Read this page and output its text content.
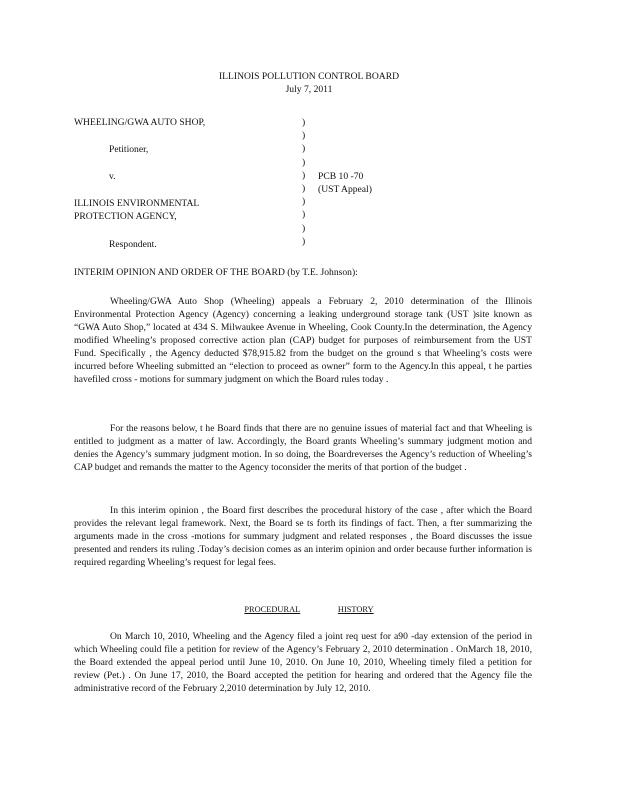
ILLINOIS POLLUTION CONTROL BOARD
July 7, 2011
WHEELING/GWA AUTO SHOP,
Petitioner,
v.
ILLINOIS ENVIRONMENTAL
PROTECTION AGENCY,
Respondent.
)
)
)
)
)
)
)
)
)
)
PCB 10 -70
(UST Appeal)
INTERIM OPINION AND ORDER OF THE BOARD (by T.E. Johnson):
Wheeling/GWA Auto Shop (Wheeling) appeals a February 2, 2010 determination of the Illinois Environmental Protection Agency (Agency) concerning a leaking underground storage tank (UST )site known as “GWA Auto Shop,” located at 434 S. Milwaukee Avenue in Wheeling, Cook County.In the determination, the Agency modified Wheeling’s proposed corrective action plan (CAP) budget for purposes of reimbursement from the UST Fund. Specifically , the Agency deducted $78,915.82 from the budget on the ground s that Wheeling’s costs were incurred before Wheeling submitted an “election to proceed as owner” form to the Agency.In this appeal, t he parties havefiled cross - motions for summary judgment on which the Board rules today .
For the reasons below, t he Board finds that there are no genuine issues of material fact and that Wheeling is entitled to judgment as a matter of law. Accordingly, the Board grants Wheeling’s summary judgment motion and denies the Agency’s summary judgment motion. In so doing, the Boardreverses the Agency’s reduction of Wheeling’s CAP budget and remands the matter to the Agency toconsider the merits of that portion of the budget .
In this interim opinion , the Board first describes the procedural history of the case , after which the Board provides the relevant legal framework. Next, the Board se ts forth its findings of fact. Then, a fter summarizing the arguments made in the cross -motions for summary judgment and related responses , the Board discusses the issue presented and renders its ruling .Today’s decision comes as an interim opinion and order because further information is required regarding Wheeling’s request for legal fees.
PROCEDURAL	HISTORY
On March 10, 2010, Wheeling and the Agency filed a joint req uest for a90 -day extension of the period in which Wheeling could file a petition for review of the Agency’s February 2, 2010 determination . OnMarch 18, 2010, the Board extended the appeal period until June 10, 2010. On June 10, 2010, Wheeling timely filed a petition for review (Pet.) . On June 17, 2010, the Board accepted the petition for hearing and ordered that the Agency file the administrative record of the February 2,2010 determination by July 12, 2010.
